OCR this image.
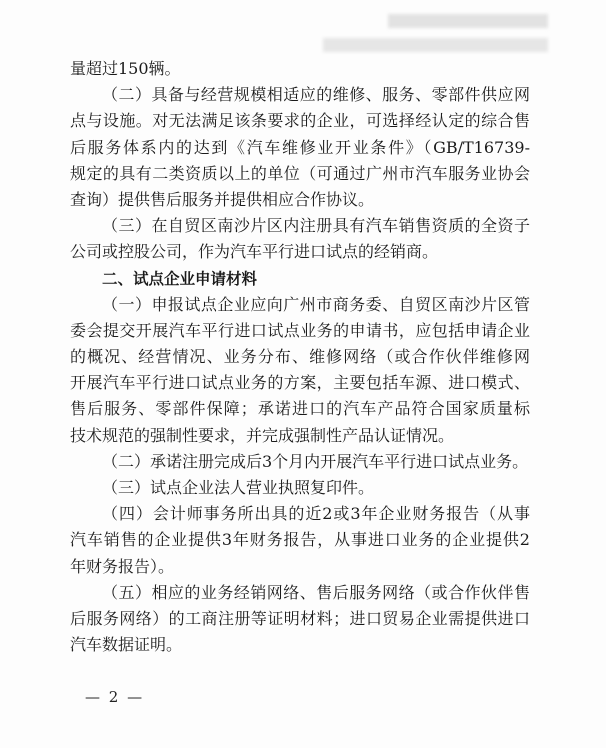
量超过150辆。
（二）具备与经营规模相适应的维修、服务、零部件供应网
点与设施。对无法满足该条要求的企业，可选择经认定的综合售
后服务体系内的达到《汽车维修业开业条件》（GB/T16739-
规定的具有二类资质以上的单位（可通过广州市汽车服务业协会
查询）提供售后服务并提供相应合作协议。
（三）在自贸区南沙片区内注册具有汽车销售资质的全资子
公司或控股公司，作为汽车平行进口试点的经销商。
二、试点企业申请材料
（一）申报试点企业应向广州市商务委、自贸区南沙片区管
委会提交开展汽车平行进口试点业务的申请书，应包括申请企业
的概况、经营情况、业务分布、维修网络（或合作伙伴维修网
开展汽车平行进口试点业务的方案，主要包括车源、进口模式、
售后服务、零部件保障；承诺进口的汽车产品符合国家质量标
技术规范的强制性要求，并完成强制性产品认证情况。
（二）承诺注册完成后3个月内开展汽车平行进口试点业务。
（三）试点企业法人营业执照复印件。
（四）会计师事务所出具的近2或3年企业财务报告（从事
汽车销售的企业提供3年财务报告，从事进口业务的企业提供2
年财务报告）。
（五）相应的业务经销网络、售后服务网络（或合作伙伴售
后服务网络）的工商注册等证明材料；进口贸易企业需提供进口
汽车数据证明。
— 2 —
